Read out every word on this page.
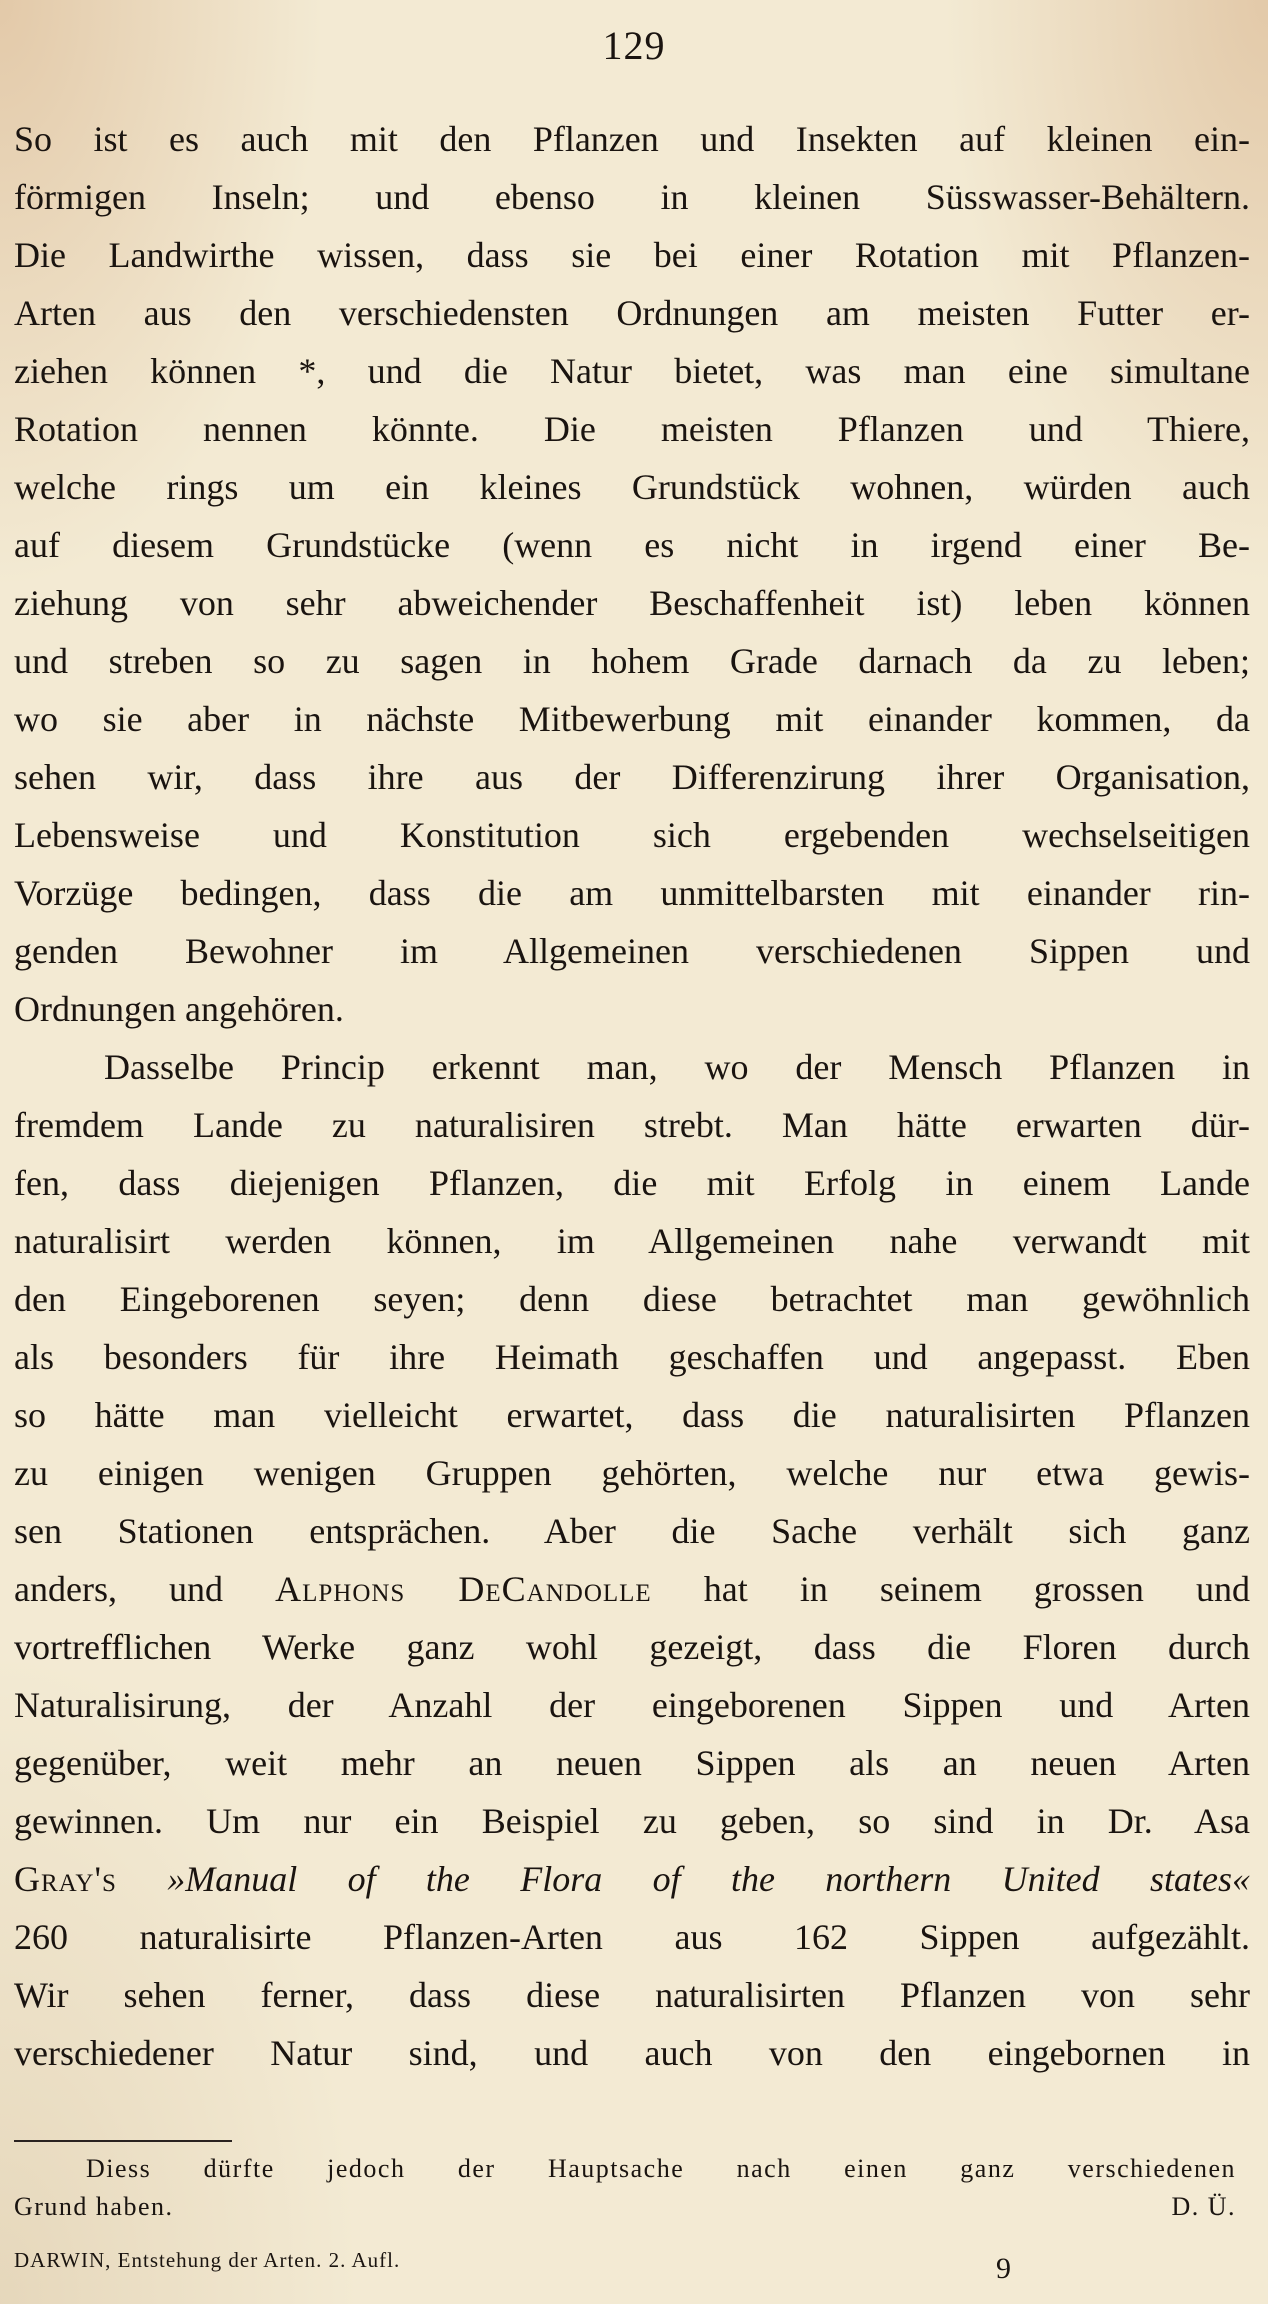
129
So ist es auch mit den Pflanzen und Insekten auf kleinen ein-
förmigen Inseln; und ebenso in kleinen Süsswasser-Behältern.
Die Landwirthe wissen, dass sie bei einer Rotation mit Pflanzen-
Arten aus den verschiedensten Ordnungen am meisten Futter er-
ziehen können *, und die Natur bietet, was man eine simultane
Rotation nennen könnte. Die meisten Pflanzen und Thiere,
welche rings um ein kleines Grundstück wohnen, würden auch
auf diesem Grundstücke (wenn es nicht in irgend einer Be-
ziehung von sehr abweichender Beschaffenheit ist) leben können
und streben so zu sagen in hohem Grade darnach da zu leben;
wo sie aber in nächste Mitbewerbung mit einander kommen, da
sehen wir, dass ihre aus der Differenzirung ihrer Organisation,
Lebensweise und Konstitution sich ergebenden wechselseitigen
Vorzüge bedingen, dass die am unmittelbarsten mit einander rin-
genden Bewohner im Allgemeinen verschiedenen Sippen und
Ordnungen angehören.
Dasselbe Princip erkennt man, wo der Mensch Pflanzen in
fremdem Lande zu naturalisiren strebt. Man hätte erwarten dür-
fen, dass diejenigen Pflanzen, die mit Erfolg in einem Lande
naturalisirt werden können, im Allgemeinen nahe verwandt mit
den Eingeborenen seyen; denn diese betrachtet man gewöhnlich
als besonders für ihre Heimath geschaffen und angepasst. Eben
so hätte man vielleicht erwartet, dass die naturalisirten Pflanzen
zu einigen wenigen Gruppen gehörten, welche nur etwa gewis-
sen Stationen entsprächen. Aber die Sache verhält sich ganz
anders, und Alphons DeCandolle hat in seinem grossen und
vortrefflichen Werke ganz wohl gezeigt, dass die Floren durch
Naturalisirung, der Anzahl der eingeborenen Sippen und Arten
gegenüber, weit mehr an neuen Sippen als an neuen Arten
gewinnen. Um nur ein Beispiel zu geben, so sind in Dr. Asa
Gray's »Manual of the Flora of the northern United states«
260 naturalisirte Pflanzen-Arten aus 162 Sippen aufgezählt.
Wir sehen ferner, dass diese naturalisirten Pflanzen von sehr
verschiedener Natur sind, und auch von den eingebornen in
Diess dürfte jedoch der Hauptsache nach einen ganz verschiedenen
Grund haben.	D. Ü.
DARWIN, Entstehung der Arten. 2. Aufl.	9
